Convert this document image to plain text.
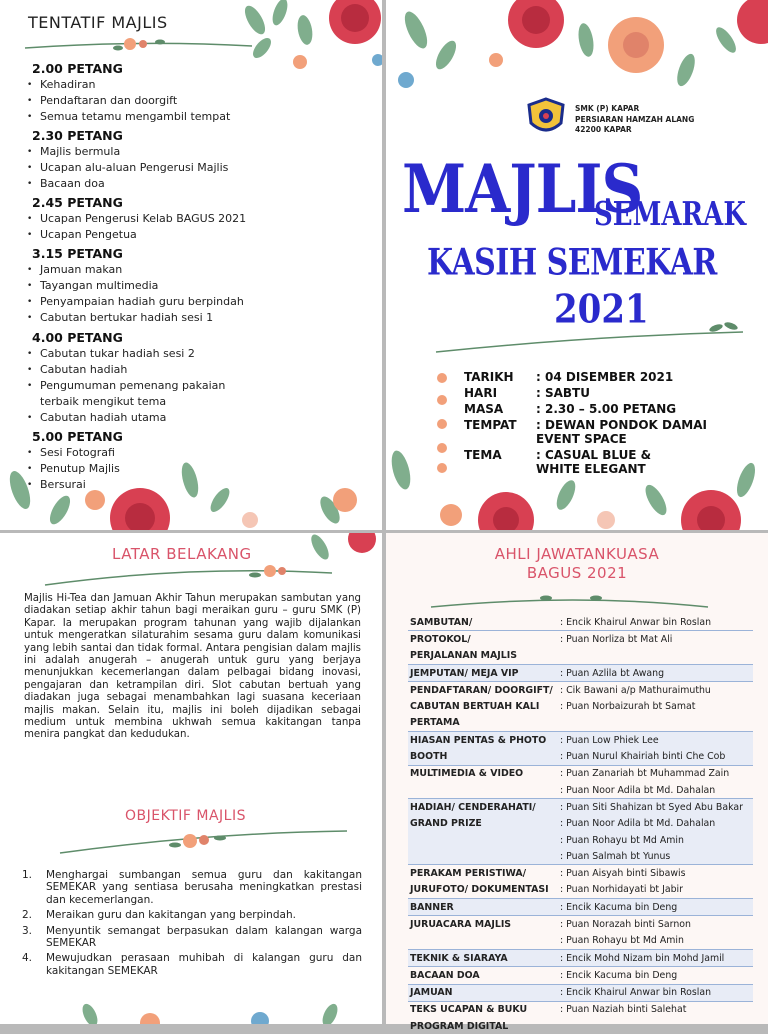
TENTATIF MAJLIS
2.00 PETANG
• Kehadiran
• Pendaftaran dan doorgift
• Semua tetamu mengambil tempat
2.30 PETANG
• Majlis bermula
• Ucapan alu-aluan Pengerusi Majlis
• Bacaan doa
2.45 PETANG
• Ucapan Pengerusi Kelab BAGUS 2021
• Ucapan Pengetua
3.15 PETANG
• Jamuan makan
• Tayangan multimedia
• Penyampaian hadiah guru berpindah
• Cabutan bertukar hadiah sesi 1
4.00 PETANG
• Cabutan tukar hadiah sesi 2
• Cabutan hadiah
• Pengumuman pemenang pakaian terbaik mengikut tema
• Cabutan hadiah utama
5.00 PETANG
• Sesi Fotografi
• Penutup Majlis
• Bersurai
SMK (P) KAPAR
PERSIARAN HAMZAH ALANG
42200 KAPAR
MAJLIS
SEMARAK
KASIH SEMEKAR
2021
TARIKH	: 04 DISEMBER 2021
HARI	: SABTU
MASA	: 2.30 – 5.00 PETANG
TEMPAT	: DEWAN PONDOK DAMAI EVENT SPACE
TEMA	: CASUAL BLUE & WHITE ELEGANT
LATAR BELAKANG
Majlis Hi-Tea dan Jamuan Akhir Tahun merupakan sambutan yang diadakan setiap akhir tahun bagi meraikan guru – guru SMK (P) Kapar. Ia merupakan program tahunan yang wajib dijalankan untuk mengeratkan silaturahim sesama guru dalam komunikasi yang lebih santai dan tidak formal. Antara pengisian dalam majlis ini adalah anugerah – anugerah untuk guru yang berjaya menunjukkan kecemerlangan dalam pelbagai bidang inovasi, pengajaran dan ketrampilan diri. Slot cabutan bertuah yang diadakan juga sebagai menambahkan lagi suasana keceriaan majlis makan. Selain itu, majlis ini boleh dijadikan sebagai medium untuk membina ukhwah semua kakitangan tanpa menira pangkat dan kedudukan.
OBJEKTIF MAJLIS
1.	Menghargai sumbangan semua guru dan kakitangan SEMEKAR yang sentiasa berusaha meningkatkan prestasi dan kecemerlangan.
2.	Meraikan guru dan kakitangan yang berpindah.
3.	Menyuntik semangat berpasukan dalam kalangan warga SEMEKAR
4.	Mewujudkan perasaan muhibah di kalangan guru dan kakitangan SEMEKAR
AHLI JAWATANKUASA
BAGUS 2021
SAMBUTAN/	: Encik Khairul Anwar bin Roslan
PROTOKOL/	: Puan Norliza bt Mat Ali
PERJALANAN MAJLIS	
JEMPUTAN/ MEJA VIP	: Puan Azlila bt Awang
PENDAFTARAN/ DOORGIFT/	: Cik Bawani a/p Mathuraimuthu
CABUTAN BERTUAH KALI	: Puan Norbaizurah bt Samat
PERTAMA	
HIASAN PENTAS & PHOTO	: Puan Low Phiek Lee
BOOTH	: Puan Nurul Khairiah binti Che Cob
MULTIMEDIA & VIDEO	: Puan Zanariah bt Muhammad Zain
	: Puan Noor Adila bt Md. Dahalan
HADIAH/ CENDERAHATI/	: Puan Siti Shahizan bt Syed Abu Bakar
GRAND PRIZE	: Puan Noor Adila bt Md. Dahalan
	: Puan Rohayu bt Md Amin
	: Puan Salmah bt Yunus
PERAKAM PERISTIWA/	: Puan Aisyah binti Sibawis
JURUFOTO/ DOKUMENTASI	: Puan Norhidayati bt Jabir
BANNER	: Encik Kacuma bin Deng
JURUACARA MAJLIS	: Puan Norazah binti Sarnon
	: Puan Rohayu bt Md Amin
TEKNIK & SIARAYA	: Encik Mohd Nizam bin Mohd Jamil
BACAAN DOA	: Encik Kacuma bin Deng
JAMUAN	: Encik Khairul Anwar bin Roslan
TEKS UCAPAN & BUKU	: Puan Naziah binti Salehat
PROGRAM DIGITAL	
